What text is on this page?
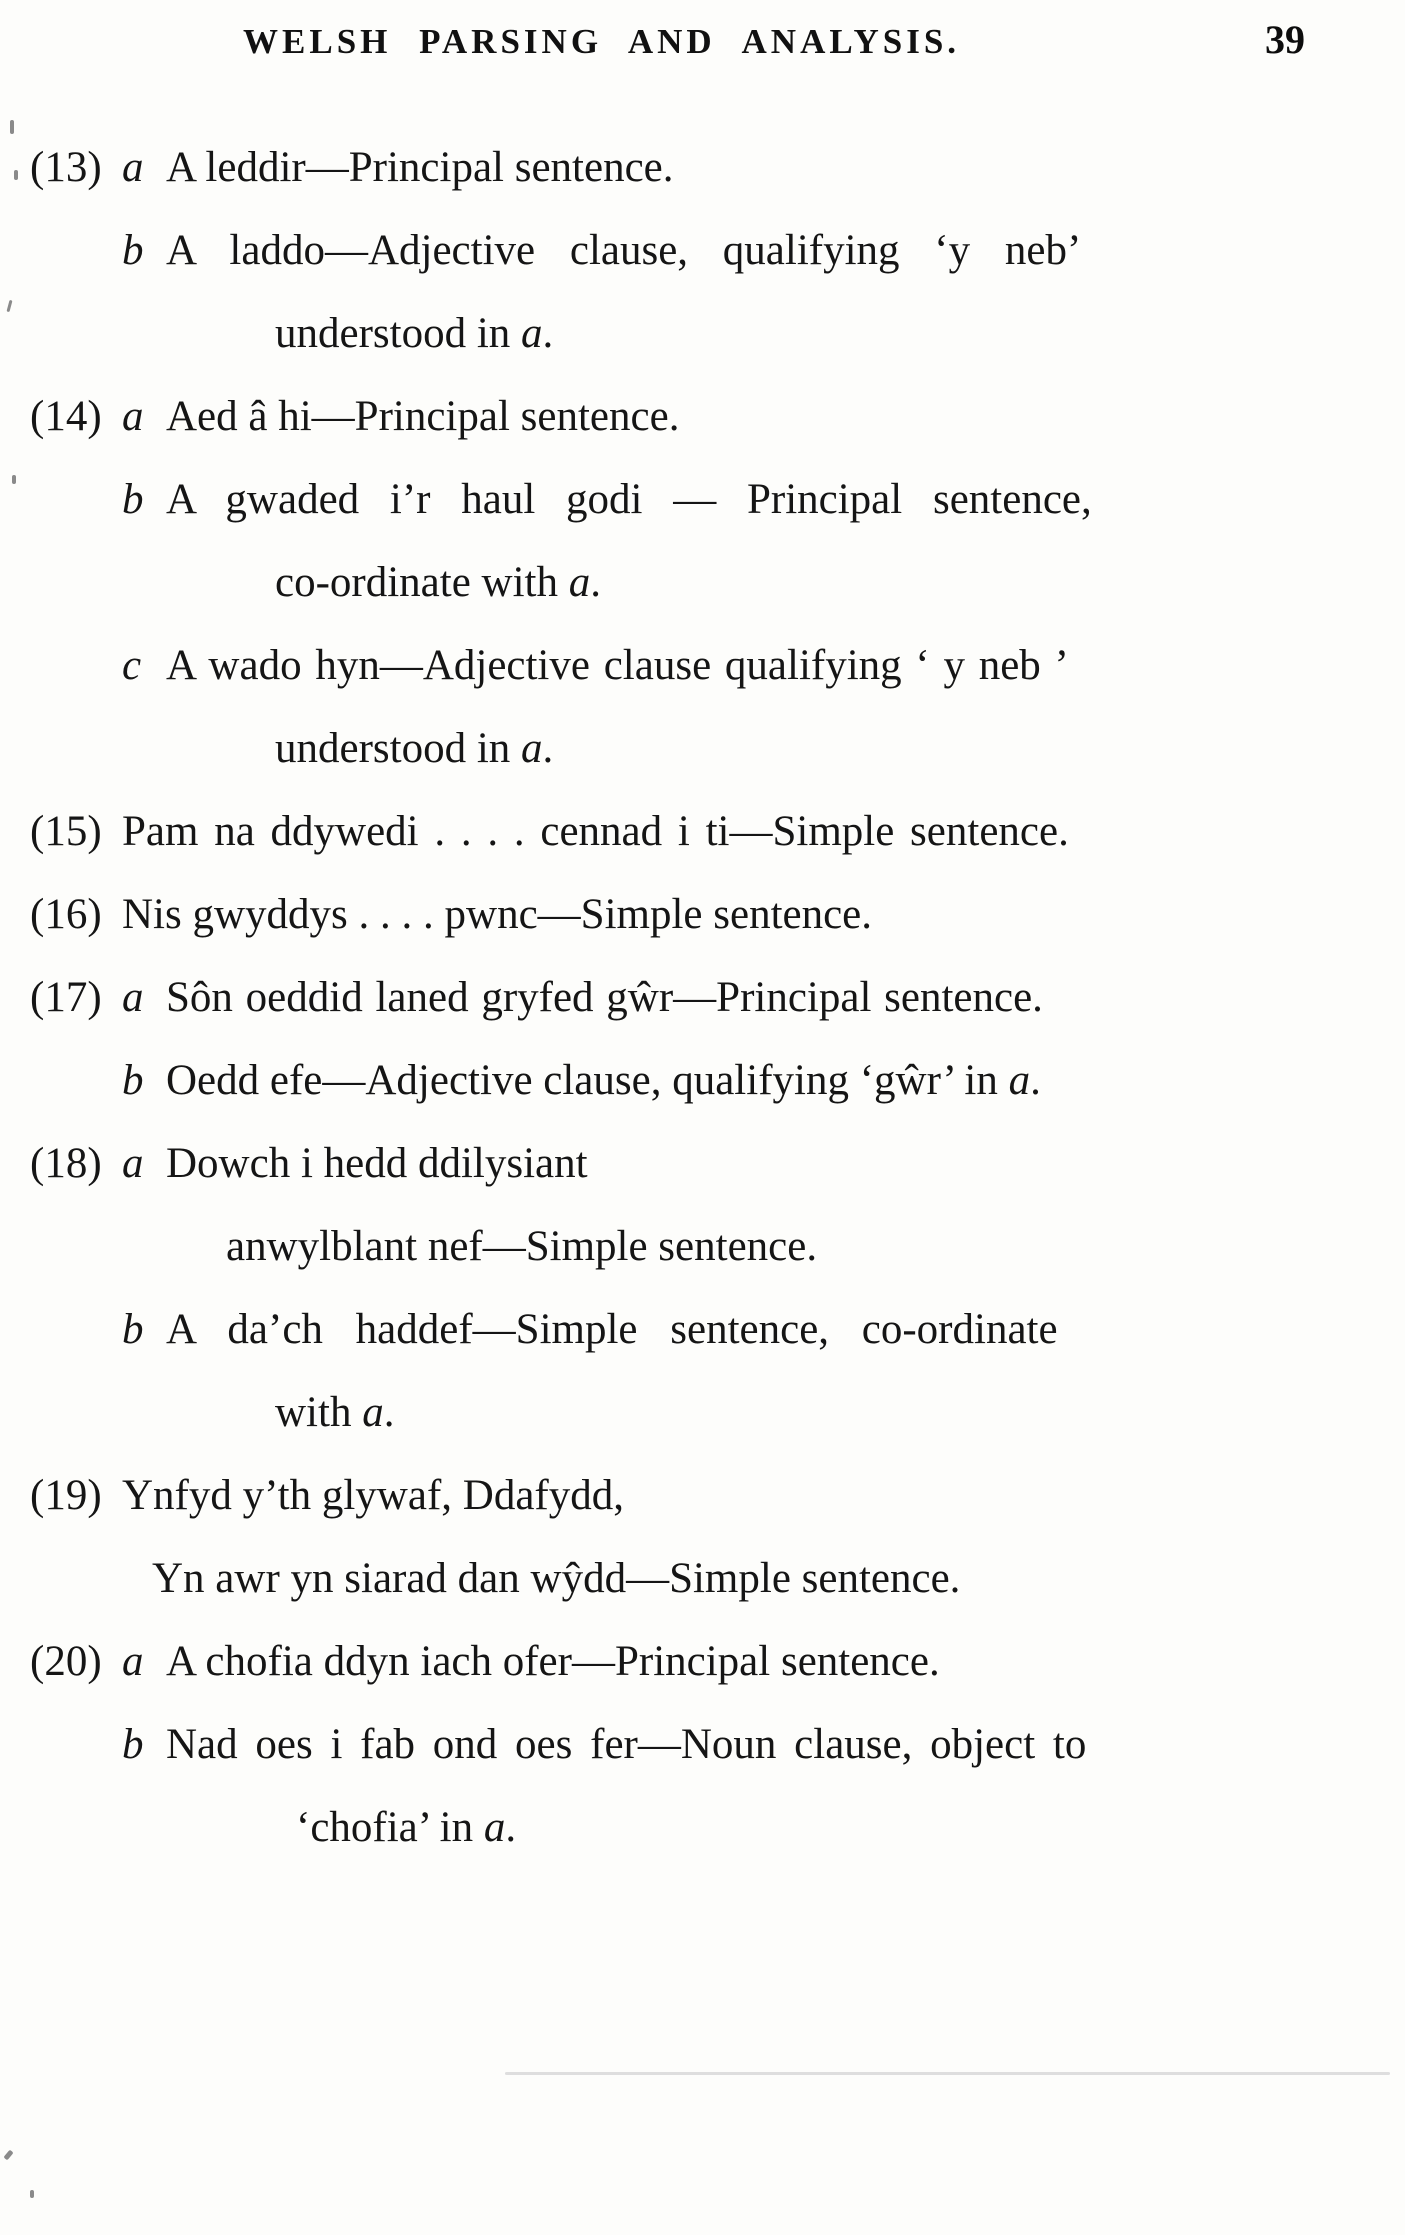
WELSH PARSING AND ANALYSIS.	39
(13) a A leddir—Principal sentence.
b A laddo—Adjective clause, qualifying ‘y neb’
understood in a.
(14) a Aed â hi—Principal sentence.
b A gwaded i’r haul godi — Principal sentence,
co-ordinate with a.
c A wado hyn—Adjective clause qualifying ‘ y neb ’
understood in a.
(15) Pam na ddywedi . . . . cennad i ti—Simple sentence.
(16) Nis gwyddys . . . . pwnc—Simple sentence.
(17) a Sôn oeddid laned gryfed gŵr—Principal sentence.
b Oedd efe—Adjective clause, qualifying ‘gŵr’ in a.
(18) a Dowch i hedd ddilysiant
anwylblant nef—Simple sentence.
b A da’ch haddef—Simple sentence, co-ordinate
with a.
(19) Ynfyd y’th glywaf, Ddafydd,
Yn awr yn siarad dan wŷdd—Simple sentence.
(20) a A chofia ddyn iach ofer—Principal sentence.
b Nad oes i fab ond oes fer—Noun clause, object to
‘chofia’ in a.
